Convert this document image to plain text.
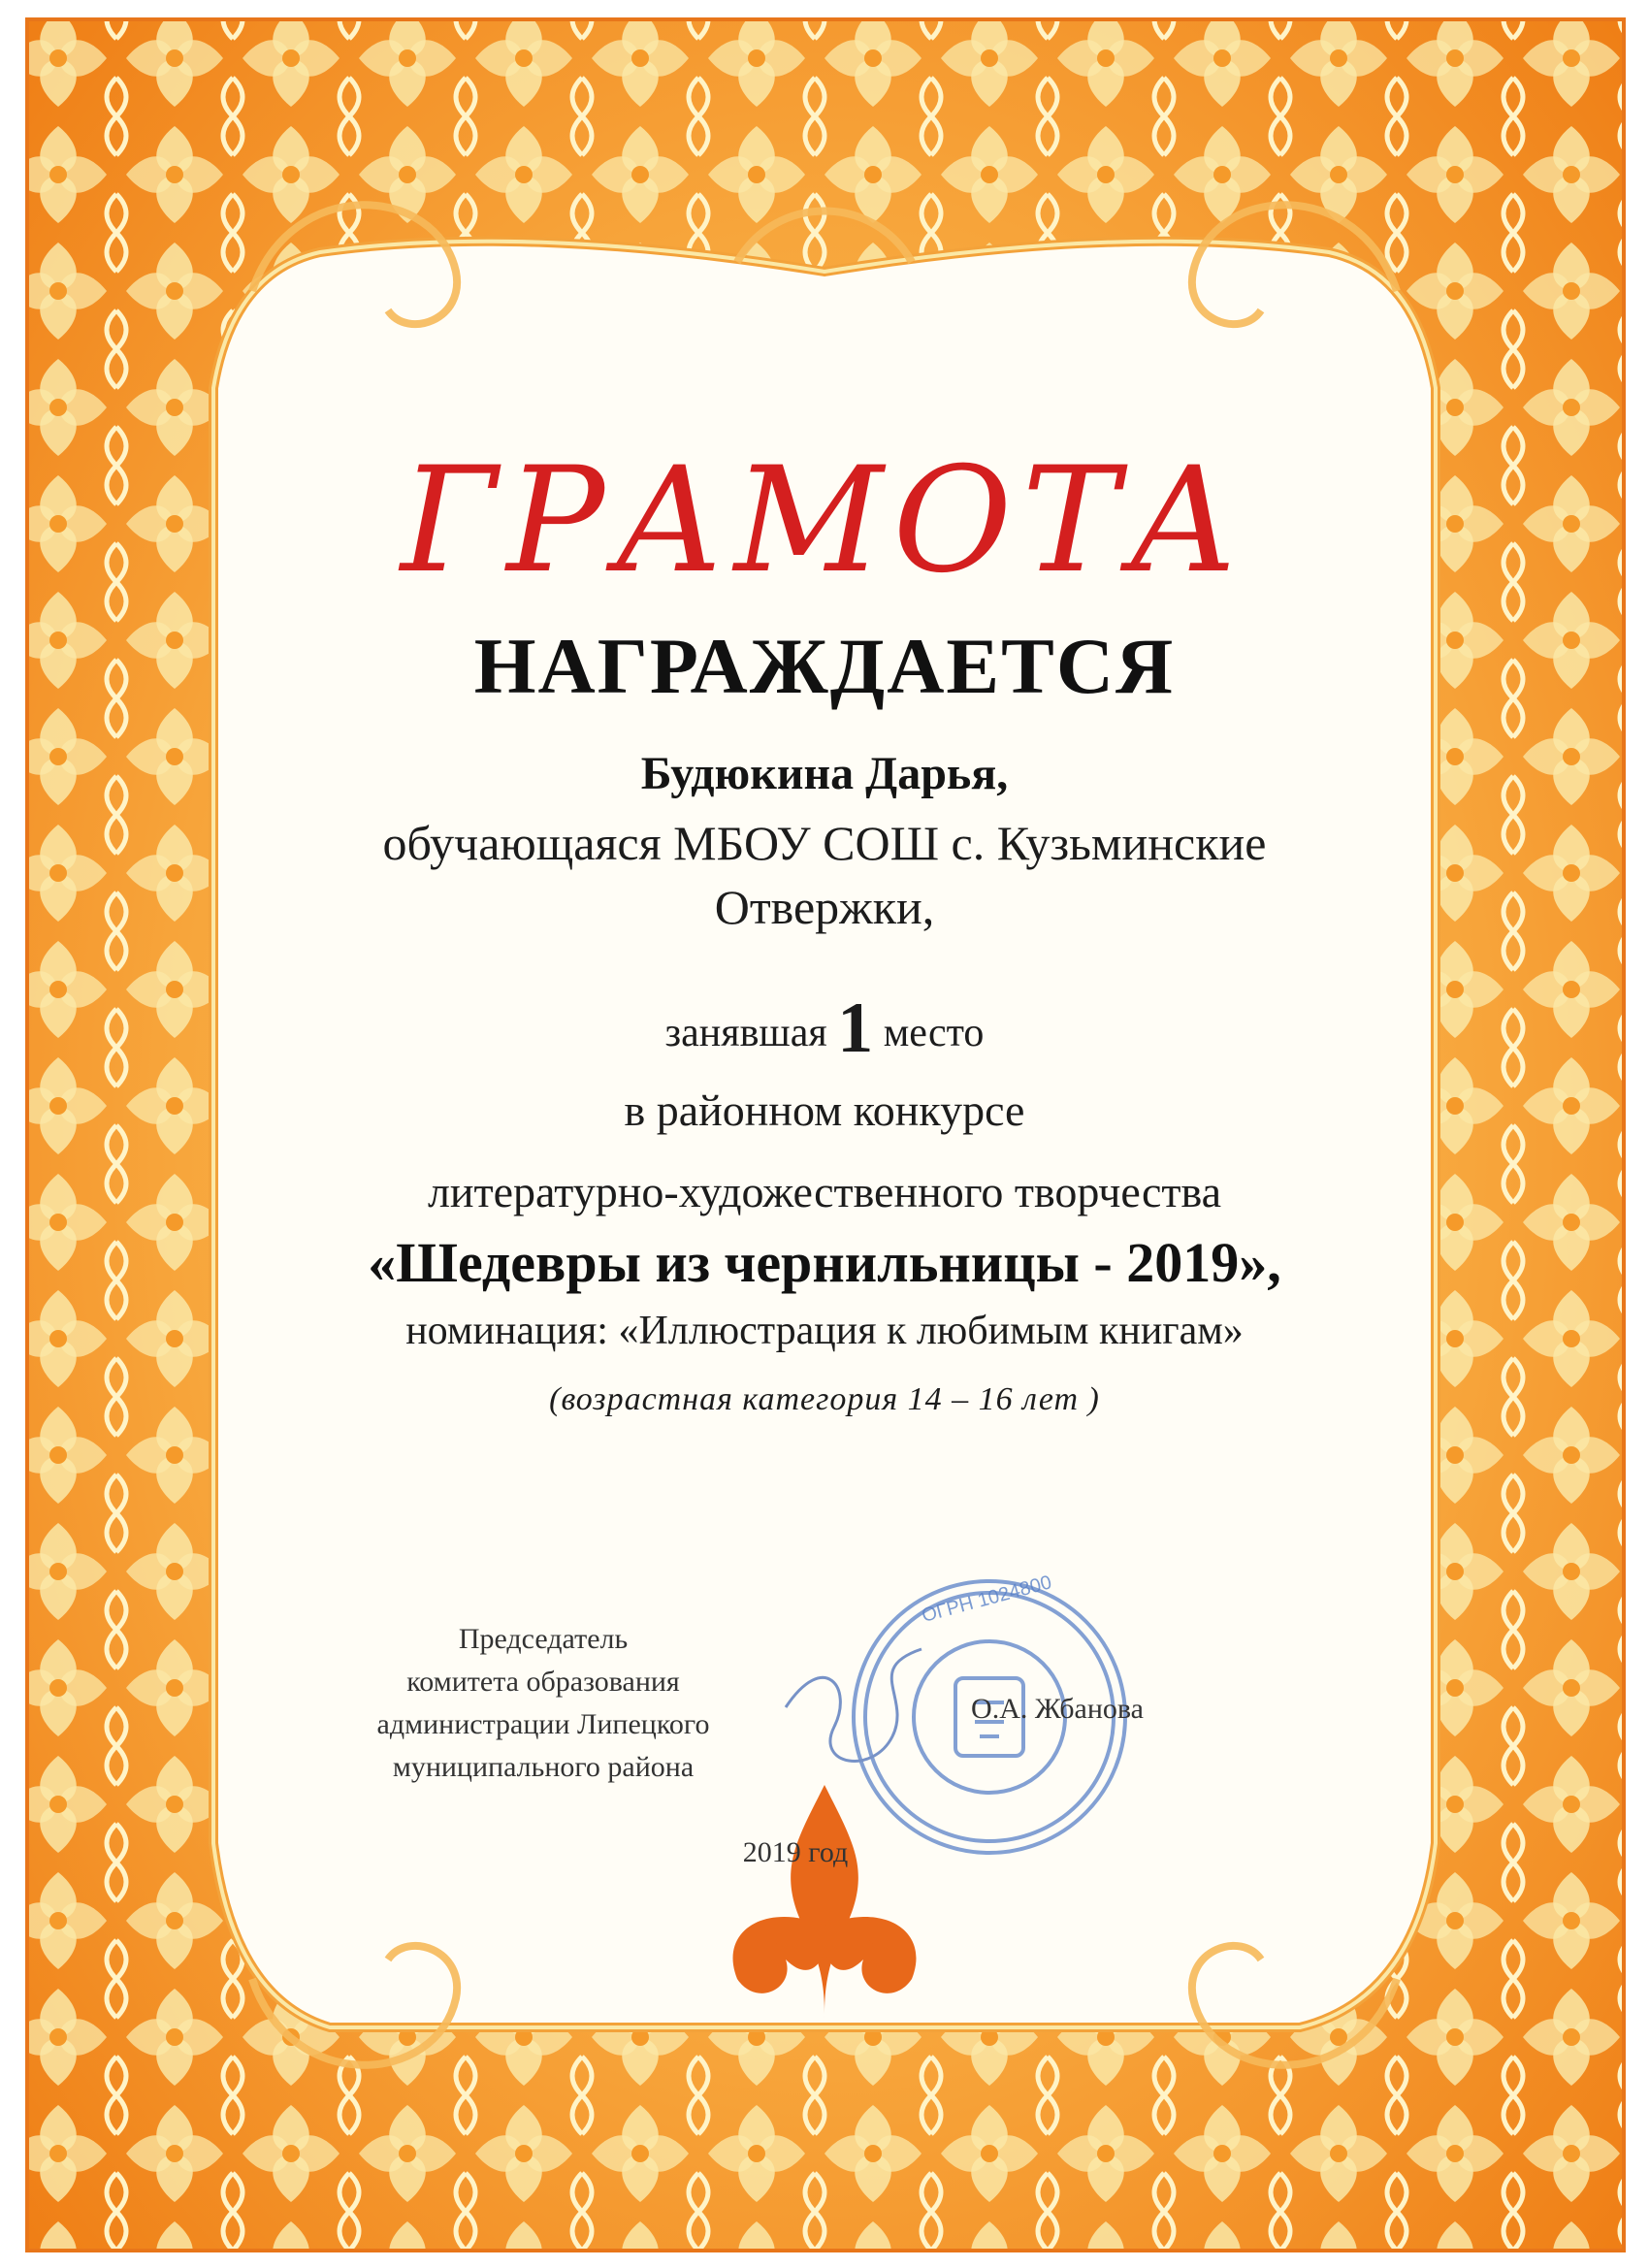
ГРАМОТА
НАГРАЖДАЕТСЯ
Будюкина Дарья,
обучающаяся МБОУ СОШ с. Кузьминские
Отвержки,
занявшая 1 место
в районном конкурсе
литературно-художественного творчества
«Шедевры из чернильницы - 2019»,
номинация: «Иллюстрация к любимым книгам»
(возрастная категория 14 – 16 лет )
Председатель
комитета образования
администрации Липецкого
муниципального района
ОГРН 1024800
О.А. Жбанова
2019 год
